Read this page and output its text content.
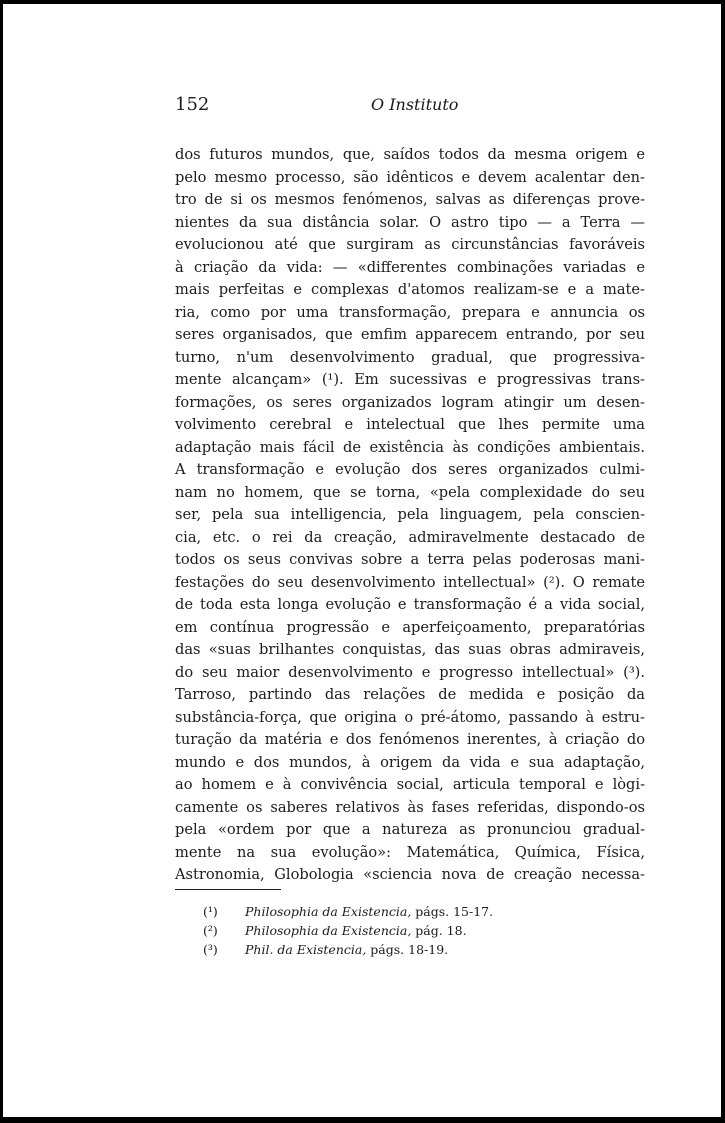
152	O Instituto
dos futuros mundos, que, saídos todos da mesma origem e
pelo mesmo processo, são idênticos e devem acalentar den-
tro de si os mesmos fenómenos, salvas as diferenças prove-
nientes da sua distância solar. O astro tipo — a Terra —
evolucionou até que surgiram as circunstâncias favoráveis
à criação da vida: — «differentes combinações variadas e
mais perfeitas e complexas d'atomos realizam-se e a mate-
ria, como por uma transformação, prepara e annuncia os
seres organisados, que emfim apparecem entrando, por seu
turno, n'um desenvolvimento gradual, que progressiva-
mente alcançam» (¹). Em sucessivas e progressivas trans-
formações, os seres organizados logram atingir um desen-
volvimento cerebral e intelectual que lhes permite uma
adaptação mais fácil de existência às condições ambientais.
A transformação e evolução dos seres organizados culmi-
nam no homem, que se torna, «pela complexidade do seu
ser, pela sua intelligencia, pela linguagem, pela conscien-
cia, etc. o rei da creação, admiravelmente destacado de
todos os seus convivas sobre a terra pelas poderosas mani-
festações do seu desenvolvimento intellectual» (²). O remate
de toda esta longa evolução e transformação é a vida social,
em contínua progressão e aperfeiçoamento, preparatórias
das «suas brilhantes conquistas, das suas obras admiraveis,
do seu maior desenvolvimento e progresso intellectual» (³).
Tarroso, partindo das relações de medida e posição da
substância-força, que origina o pré-átomo, passando à estru-
turação da matéria e dos fenómenos inerentes, à criação do
mundo e dos mundos, à origem da vida e sua adaptação,
ao homem e à convivência social, articula temporal e lògi-
camente os saberes relativos às fases referidas, dispondo-os
pela «ordem por que a natureza as pronunciou gradual-
mente na sua evolução»: Matemática, Química, Física,
Astronomia, Globologia «sciencia nova de creação necessa-
(¹) Philosophia da Existencia, págs. 15-17.
(²) Philosophia da Existencia, pág. 18.
(³) Phil. da Existencia, págs. 18-19.
